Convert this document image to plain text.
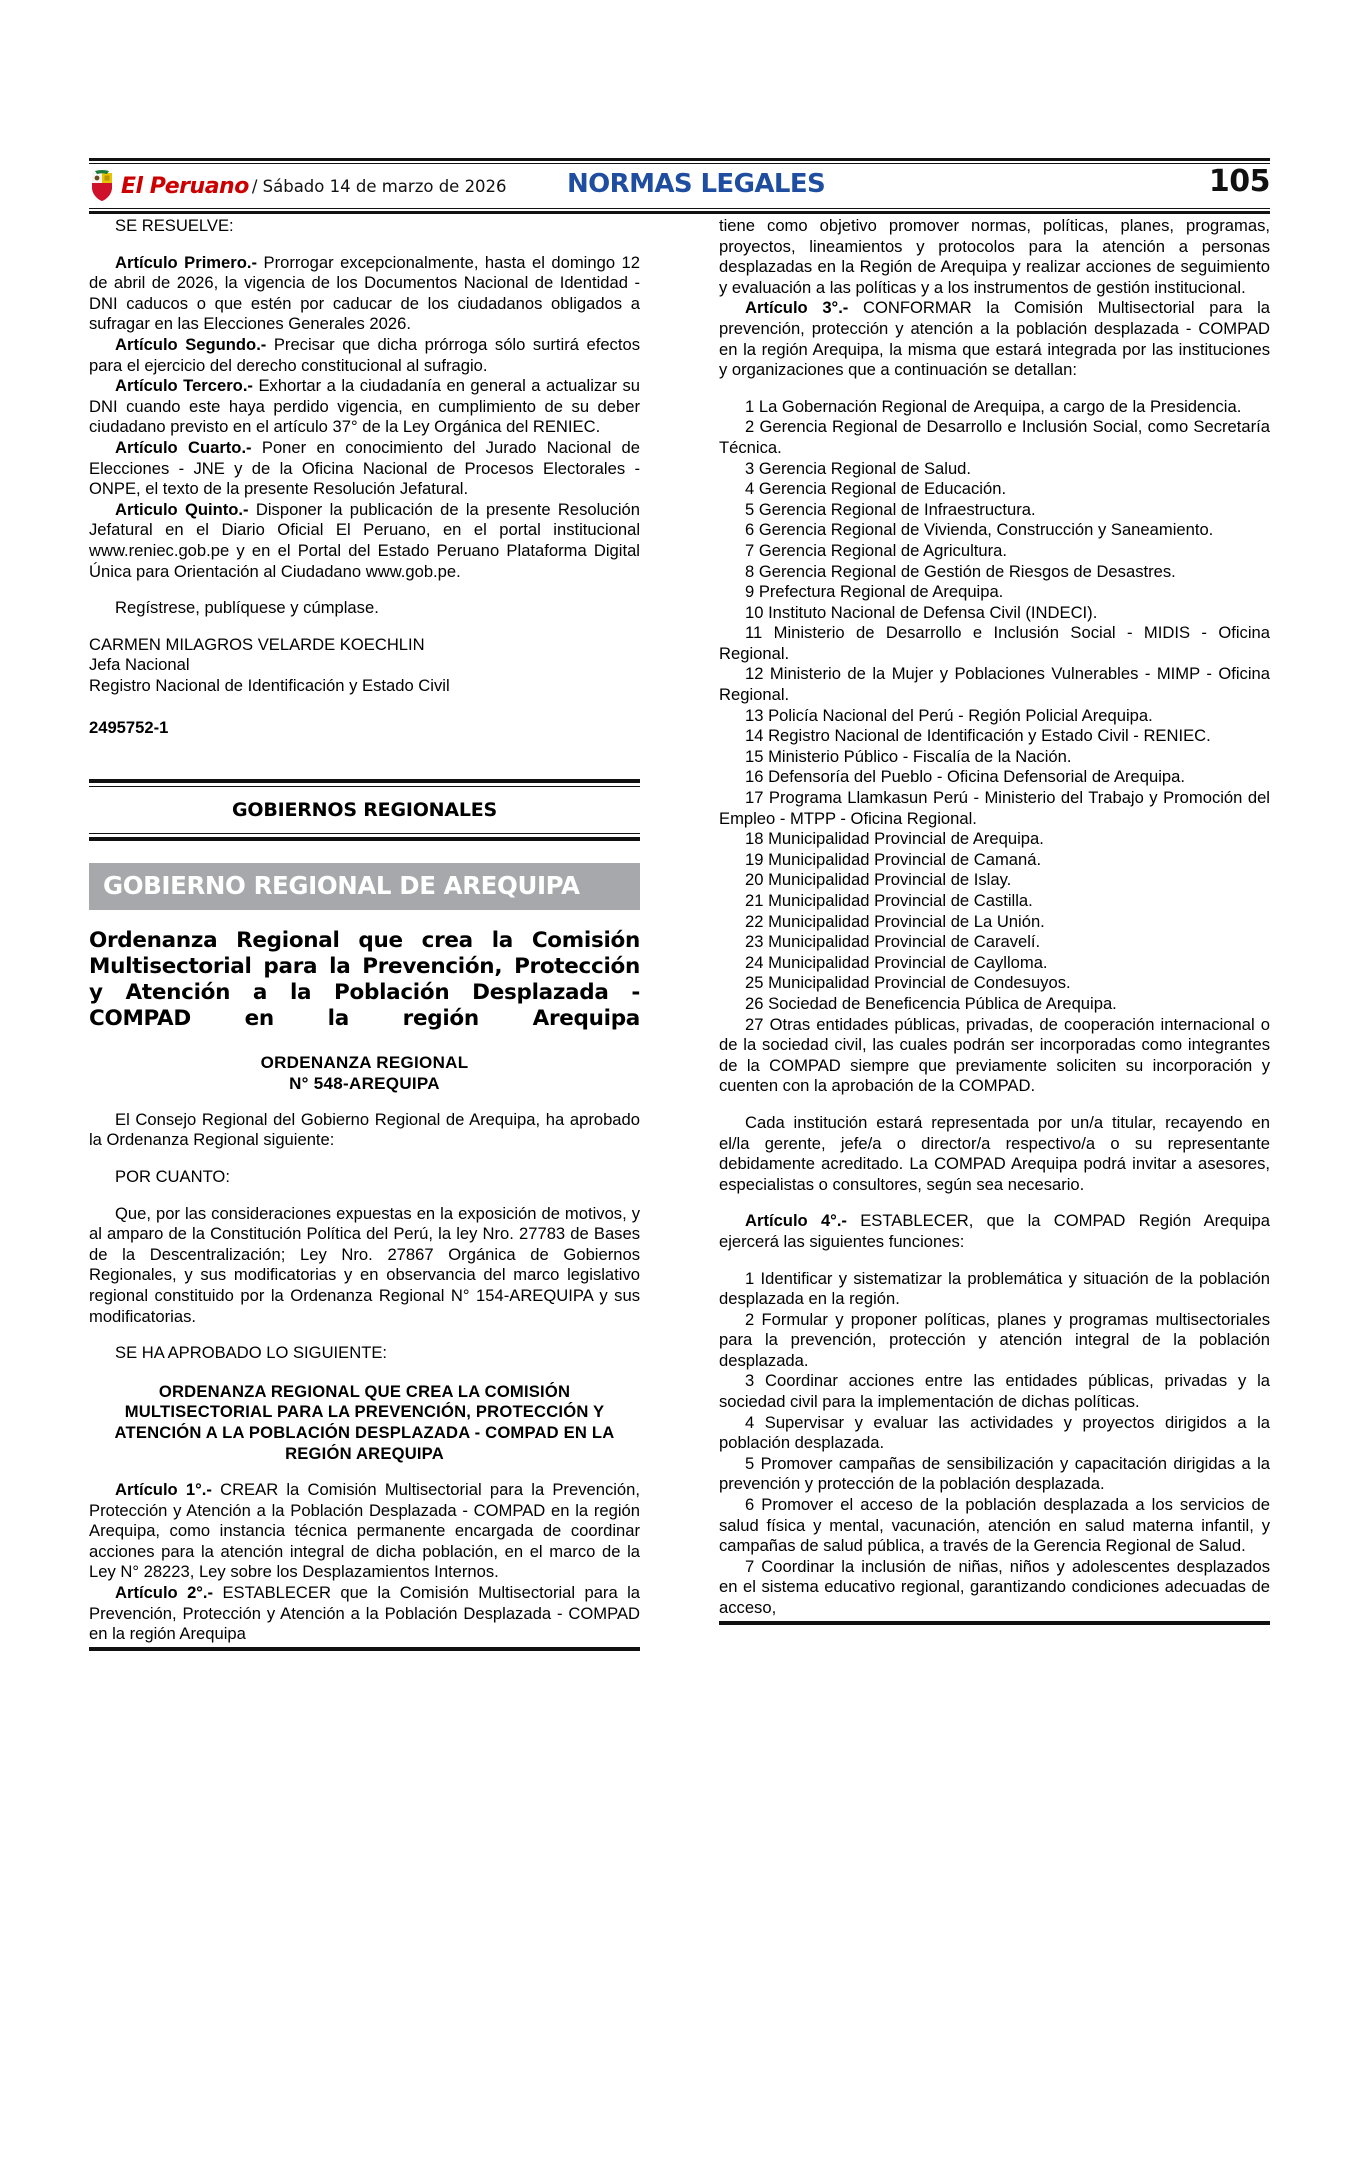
El Peruano / Sábado 14 de marzo de 2026 NORMAS LEGALES	105

SE RESUELVE:

Artículo Primero.- Prorrogar excepcionalmente, hasta el domingo 12 de abril de 2026, la vigencia de los Documentos Nacional de Identidad - DNI caducos o que estén por caducar de los ciudadanos obligados a sufragar en las Elecciones Generales 2026.

Artículo Segundo.- Precisar que dicha prórroga sólo surtirá efectos para el ejercicio del derecho constitucional al sufragio.

Artículo Tercero.- Exhortar a la ciudadanía en general a actualizar su DNI cuando este haya perdido vigencia, en cumplimiento de su deber ciudadano previsto en el artículo 37° de la Ley Orgánica del RENIEC.

Artículo Cuarto.- Poner en conocimiento del Jurado Nacional de Elecciones - JNE y de la Oficina Nacional de Procesos Electorales - ONPE, el texto de la presente Resolución Jefatural.

Articulo Quinto.- Disponer la publicación de la presente Resolución Jefatural en el Diario Oficial El Peruano, en el portal institucional www.reniec.gob.pe y en el Portal del Estado Peruano Plataforma Digital Única para Orientación al Ciudadano www.gob.pe.

Regístrese, publíquese y cúmplase.

CARMEN MILAGROS VELARDE KOECHLIN

Jefa Nacional

Registro Nacional de Identificación y Estado Civil

2495752-1

GOBIERNOS REGIONALES
GOBIERNO REGIONAL DE AREQUIPA
Ordenanza Regional que crea la Comisión Multisectorial para la Prevención, Protección y Atención a la Población Desplazada - COMPAD en la región Arequipa
ORDENANZA REGIONAL
N° 548-AREQUIPA

El Consejo Regional del Gobierno Regional de Arequipa, ha aprobado la Ordenanza Regional siguiente:

POR CUANTO:

Que, por las consideraciones expuestas en la exposición de motivos, y al amparo de la Constitución Política del Perú, la ley Nro. 27783 de Bases de la Descentralización; Ley Nro. 27867 Orgánica de Gobiernos Regionales, y sus modificatorias y en observancia del marco legislativo regional constituido por la Ordenanza Regional N° 154-AREQUIPA y sus modificatorias.

SE HA APROBADO LO SIGUIENTE:

ORDENANZA REGIONAL QUE CREA LA COMISIÓN MULTISECTORIAL PARA LA PREVENCIÓN, PROTECCIÓN Y ATENCIÓN A LA POBLACIÓN DESPLAZADA - COMPAD EN LA REGIÓN AREQUIPA

Artículo 1°.- CREAR la Comisión Multisectorial para la Prevención, Protección y Atención a la Población Desplazada - COMPAD en la región Arequipa, como instancia técnica permanente encargada de coordinar acciones para la atención integral de dicha población, en el marco de la Ley N° 28223, Ley sobre los Desplazamientos Internos.

Artículo 2°.- ESTABLECER que la Comisión Multisectorial para la Prevención, Protección y Atención a la Población Desplazada - COMPAD en la región Arequipa

tiene como objetivo promover normas, políticas, planes, programas, proyectos, lineamientos y protocolos para la atención a personas desplazadas en la Región de Arequipa y realizar acciones de seguimiento y evaluación a las políticas y a los instrumentos de gestión institucional.

Artículo 3°.- CONFORMAR la Comisión Multisectorial para la prevención, protección y atención a la población desplazada - COMPAD en la región Arequipa, la misma que estará integrada por las instituciones y organizaciones que a continuación se detallan:

1 La Gobernación Regional de Arequipa, a cargo de la Presidencia.

2 Gerencia Regional de Desarrollo e Inclusión Social, como Secretaría Técnica.

3 Gerencia Regional de Salud.

4 Gerencia Regional de Educación.

5 Gerencia Regional de Infraestructura.

6 Gerencia Regional de Vivienda, Construcción y Saneamiento.

7 Gerencia Regional de Agricultura.

8 Gerencia Regional de Gestión de Riesgos de Desastres.

9 Prefectura Regional de Arequipa.

10 Instituto Nacional de Defensa Civil (INDECI).

11 Ministerio de Desarrollo e Inclusión Social - MIDIS - Oficina Regional.

12 Ministerio de la Mujer y Poblaciones Vulnerables - MIMP - Oficina Regional.

13 Policía Nacional del Perú - Región Policial Arequipa.

14 Registro Nacional de Identificación y Estado Civil - RENIEC.

15 Ministerio Público - Fiscalía de la Nación.

16 Defensoría del Pueblo - Oficina Defensorial de Arequipa.

17 Programa Llamkasun Perú - Ministerio del Trabajo y Promoción del Empleo - MTPP - Oficina Regional.

18 Municipalidad Provincial de Arequipa.

19 Municipalidad Provincial de Camaná.

20 Municipalidad Provincial de Islay.

21 Municipalidad Provincial de Castilla.

22 Municipalidad Provincial de La Unión.

23 Municipalidad Provincial de Caravelí.

24 Municipalidad Provincial de Caylloma.

25 Municipalidad Provincial de Condesuyos.

26 Sociedad de Beneficencia Pública de Arequipa.

27 Otras entidades públicas, privadas, de cooperación internacional o de la sociedad civil, las cuales podrán ser incorporadas como integrantes de la COMPAD siempre que previamente soliciten su incorporación y cuenten con la aprobación de la COMPAD.

Cada institución estará representada por un/a titular, recayendo en el/la gerente, jefe/a o director/a respectivo/a o su representante debidamente acreditado. La COMPAD Arequipa podrá invitar a asesores, especialistas o consultores, según sea necesario.

Artículo 4°.- ESTABLECER, que la COMPAD Región Arequipa ejercerá las siguientes funciones:

1 Identificar y sistematizar la problemática y situación de la población desplazada en la región.

2 Formular y proponer políticas, planes y programas multisectoriales para la prevención, protección y atención integral de la población desplazada.

3 Coordinar acciones entre las entidades públicas, privadas y la sociedad civil para la implementación de dichas políticas.

4 Supervisar y evaluar las actividades y proyectos dirigidos a la población desplazada.

5 Promover campañas de sensibilización y capacitación dirigidas a la prevención y protección de la población desplazada.

6 Promover el acceso de la población desplazada a los servicios de salud física y mental, vacunación, atención en salud materna infantil, y campañas de salud pública, a través de la Gerencia Regional de Salud.

7 Coordinar la inclusión de niñas, niños y adolescentes desplazados en el sistema educativo regional, garantizando condiciones adecuadas de acceso,
